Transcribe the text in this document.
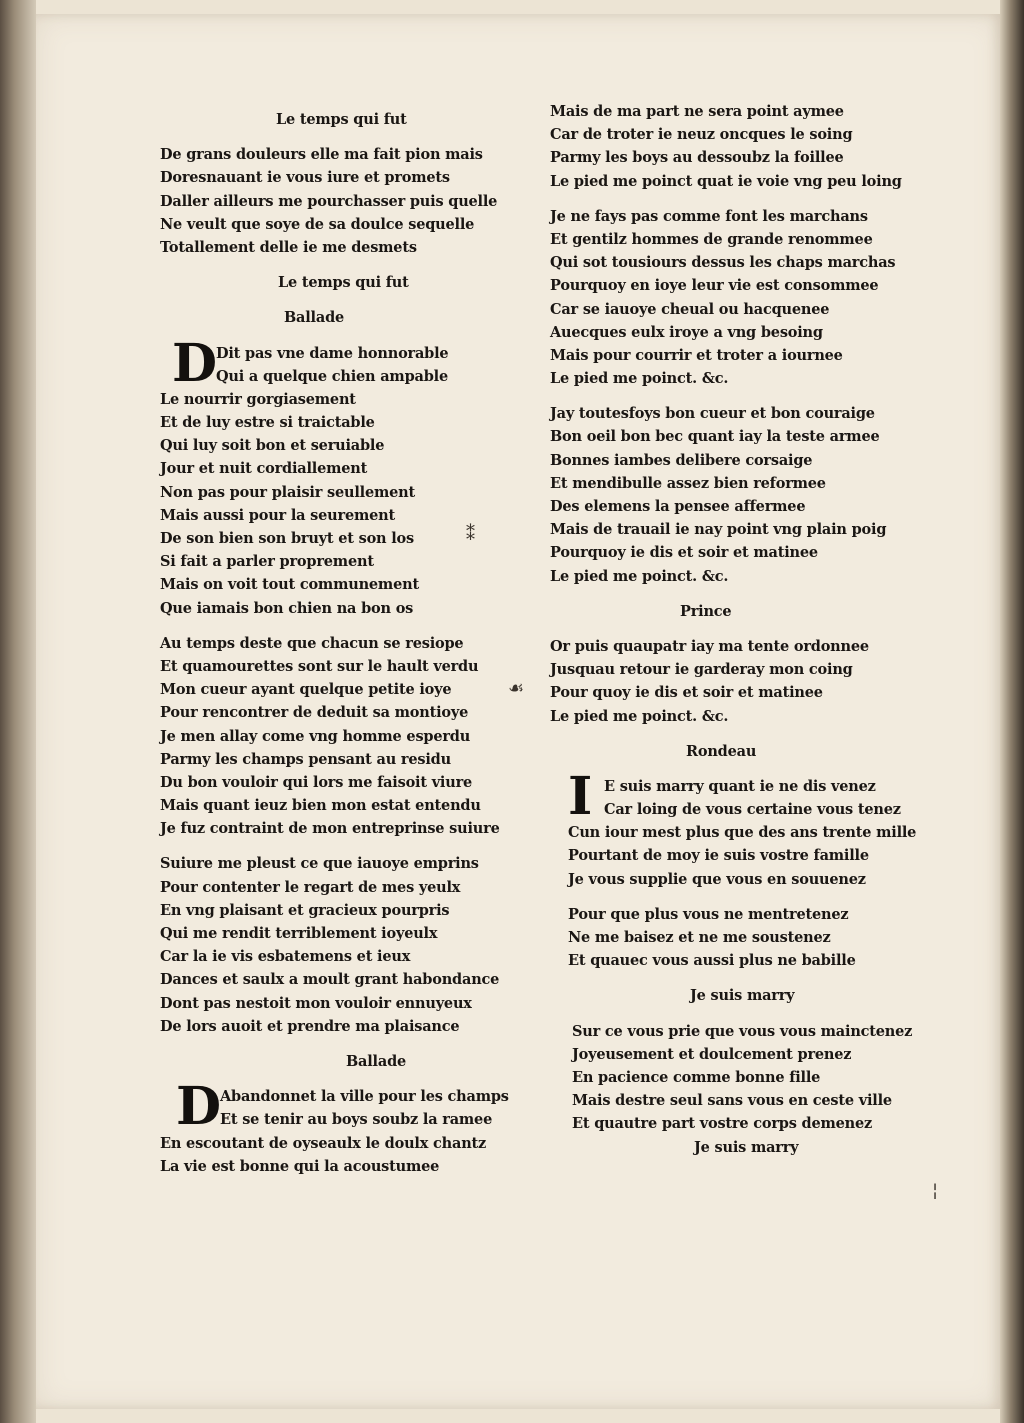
Le temps qui fut
De grans douleurs elle ma fait pion mais
Doresnauant ie vous iure et promets
Daller ailleurs me pourchasser puis quelle
Ne veult que soye de sa doulce sequelle
Totallement delle ie me desmets
Le temps qui fut
Ballade
D Dit pas vne dame honnorable
Qui a quelque chien ampable
Le nourrir gorgiasement
Et de luy estre si traictable
Qui luy soit bon et seruiable
Jour et nuit cordiallement
Non pas pour plaisir seullement
Mais aussi pour la seurement
De son bien son bruyt et son los
Si fait a parler proprement
Mais on voit tout communement
Que iamais bon chien na bon os
Au temps deste que chacun se resiope
Et quamourettes sont sur le hault verdu
Mon cueur ayant quelque petite ioye
Pour rencontrer de deduit sa montioye
Je men allay come vng homme esperdu
Parmy les champs pensant au residu
Du bon vouloir qui lors me faisoit viure
Mais quant ieuz bien mon estat entendu
Je fuz contraint de mon entreprinse suiure
Suiure me pleust ce que iauoye emprins
Pour contenter le regart de mes yeulx
En vng plaisant et gracieux pourpris
Qui me rendit terriblement ioyeulx
Car la ie vis esbatemens et ieux
Dances et saulx a moult grant habondance
Dont pas nestoit mon vouloir ennuyeux
De lors auoit et prendre ma plaisance
Ballade
D Abandonnet la ville pour les champs
Et se tenir au boys soubz la ramee
En escoutant de oyseaulx le doulx chantz
La vie est bonne qui la acoustumee
Mais de ma part ne sera point aymee
Car de troter ie neuz oncques le soing
Parmy les boys au dessoubz la foillee
Le pied me poinct quat ie voie vng peu loing
Je ne fays pas comme font les marchans
Et gentilz hommes de grande renommee
Qui sot tousiours dessus les chaps marchas
Pourquoy en ioye leur vie est consommee
Car se iauoye cheual ou hacquenee
Auecques eulx iroye a vng besoing
Mais pour courrir et troter a iournee
Le pied me poinct. &c.
Jay toutesfoys bon cueur et bon couraige
Bon oeil bon bec quant iay la teste armee
Bonnes iambes delibere corsaige
Et mendibulle assez bien reformee
Des elemens la pensee affermee
Mais de trauail ie nay point vng plain poig
Pourquoy ie dis et soir et matinee
Le pied me poinct. &c.
Prince
Or puis quaupatr iay ma tente ordonnee
Jusquau retour ie garderay mon coing
Pour quoy ie dis et soir et matinee
Le pied me poinct. &c.
Rondeau
I E suis marry quant ie ne dis venez
Car loing de vous certaine vous tenez
Cun iour mest plus que des ans trente mille
Pourtant de moy ie suis vostre famille
Je vous supplie que vous en souuenez
Pour que plus vous ne mentretenez
Ne me baisez et ne me soustenez
Et quauec vous aussi plus ne babille
Je suis marry
Sur ce vous prie que vous vous mainctenez
Joyeusement et doulcement prenez
En pacience comme bonne fille
Mais destre seul sans vous en ceste ville
Et quautre part vostre corps demenez
Je suis marry
⁑
☙
¦
